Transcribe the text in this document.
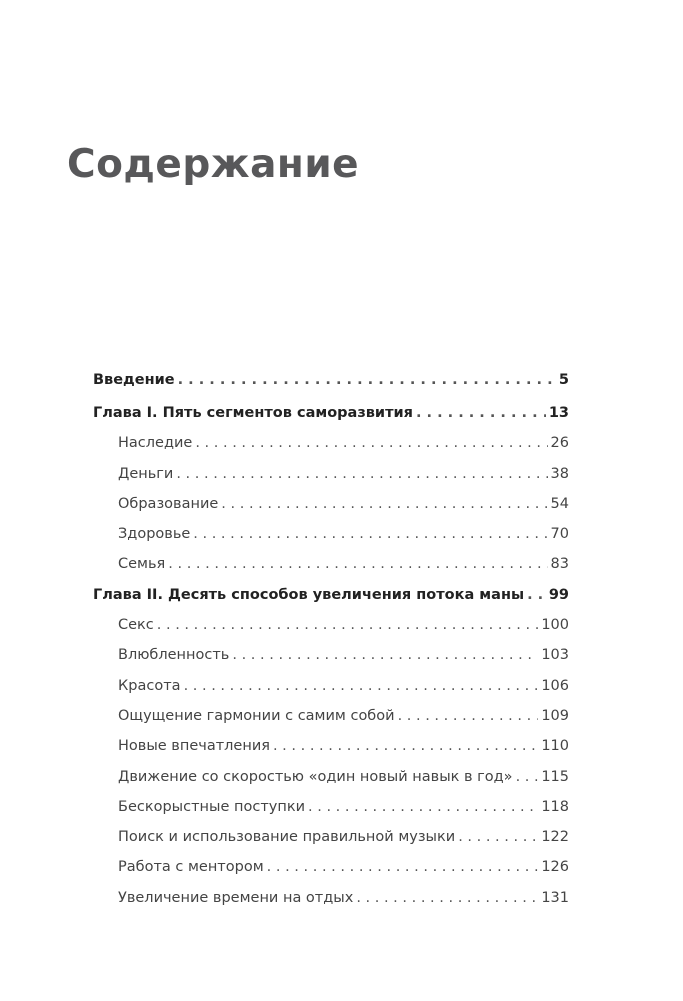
Содержание
Введение . . .	5
Глава I. Пять сегментов саморазвития . . .	13
Наследие . . .	26
Деньги . . .	38
Образование . . .	54
Здоровье . . .	70
Семья . . .	83
Глава II. Десять способов увеличения потока маны . . . 99
Секс . . .	100
Влюбленность . . .	103
Красота . . .	106
Ощущение гармонии с самим собой . . .	109
Новые впечатления . . .	110
Движение со скоростью «один новый навык в год» . . . 115
Бескорыстные поступки . . .	118
Поиск и использование правильной музыки . . .	122
Работа с ментором . . .	126
Увеличение времени на отдых . . .	131
